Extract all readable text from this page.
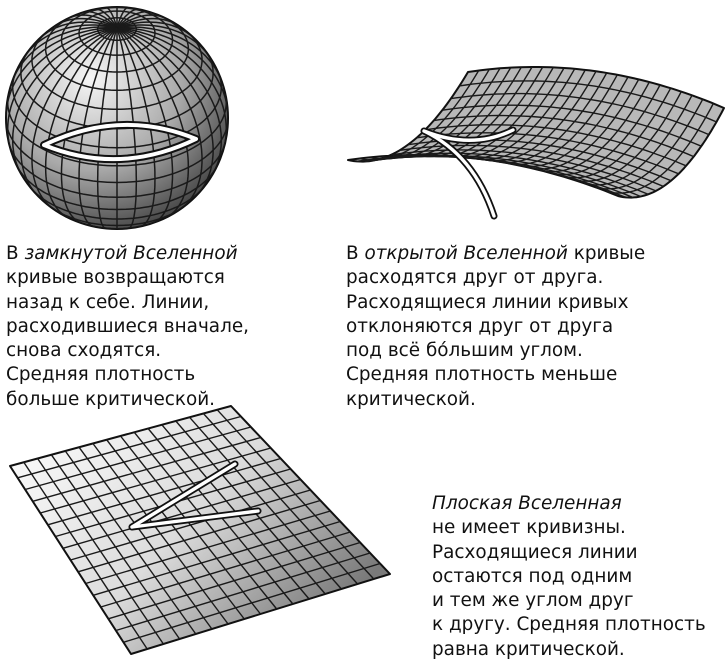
В замкнутой Вселенной
кривые возвращаются
назад к себе. Линии,
расходившиеся вначале,
снова сходятся.
Средняя плотность
больше критической.
В открытой Вселенной кривые
расходятся друг от друга.
Расходящиеся линии кривых
отклоняются друг от друга
под всё бóльшим углом.
Средняя плотность меньше
критической.
Плоская Вселенная
не имеет кривизны.
Расходящиеся линии
остаются под одним
и тем же углом друг
к другу. Средняя плотность
равна критической.
